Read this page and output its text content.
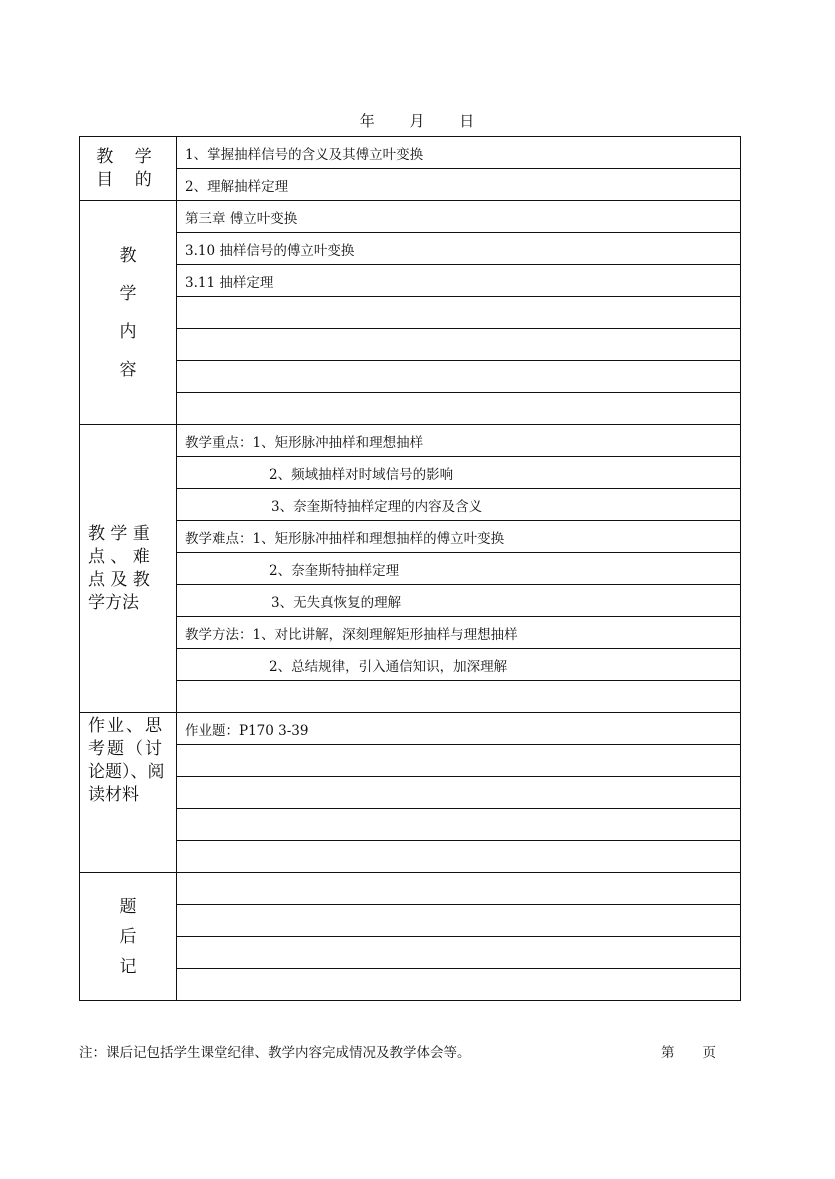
年 月 日
教 学
目 的	1、掌握抽样信号的含义及其傅立叶变换
	2、理解抽样定理

教
学
内
容	第三章 傅立叶变换
	3.10 抽样信号的傅立叶变换
	3.11 抽样定理

教 学 重
点 、 难
点 及 教
学方法	教学重点：1、矩形脉冲抽样和理想抽样
	2、频域抽样对时域信号的影响
	3、奈奎斯特抽样定理的内容及含义
	教学难点：1、矩形脉冲抽样和理想抽样的傅立叶变换
	2、奈奎斯特抽样定理
	3、无失真恢复的理解
	教学方法：1、对比讲解，深刻理解矩形抽样与理想抽样
	2、总结规律，引入通信知识，加深理解

作业、思
考题（讨
论题）、阅
读材料	作业题：P170 3-39

题
后
记	

注：课后记包括学生课堂纪律、教学内容完成情况及教学体会等。	第 页
